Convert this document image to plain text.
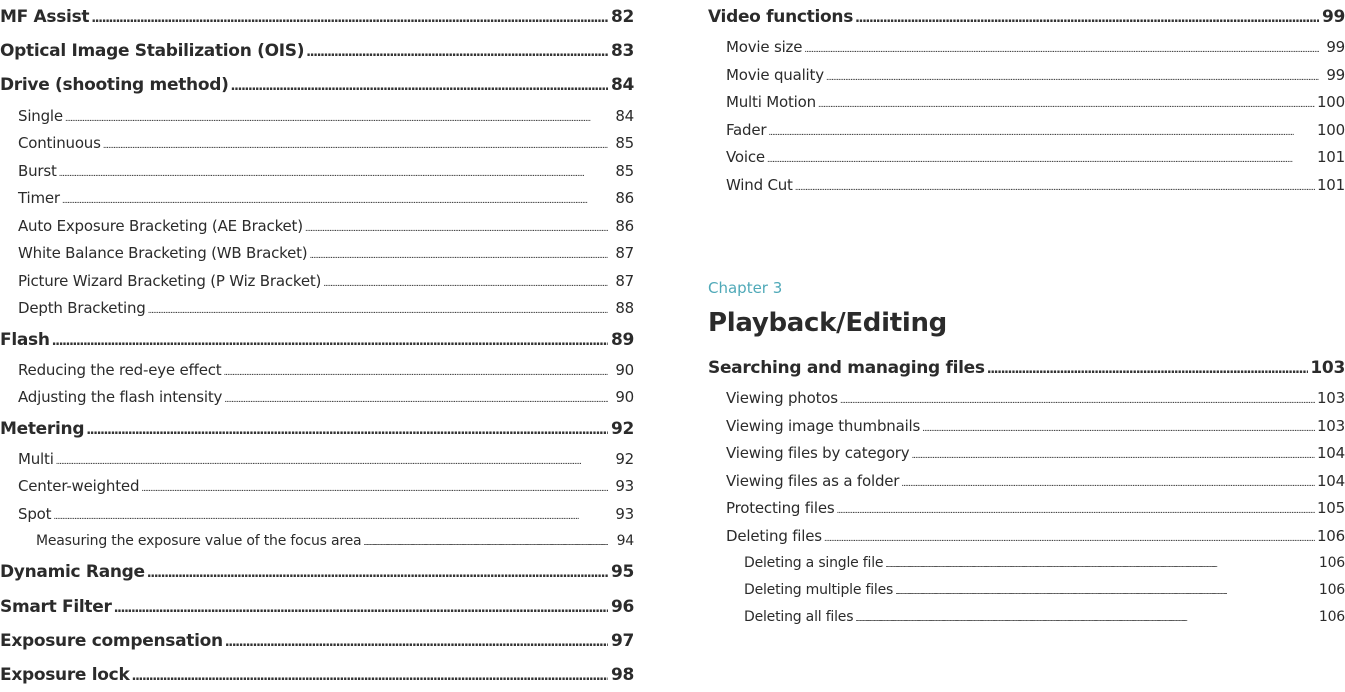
MF Assist . . .	82
Optical Image Stabilization (OIS) . . .	83
Drive (shooting method) . . .	84
Single . . .	84
Continuous . . .	85
Burst . . .	85
Timer . . .	86
Auto Exposure Bracketing (AE Bracket) . . .	86
White Balance Bracketing (WB Bracket) . . .	87
Picture Wizard Bracketing (P Wiz Bracket) . . .	87
Depth Bracketing . . .	88
Flash . . .	89
Reducing the red-eye effect . . .	90
Adjusting the flash intensity . . .	90
Metering . . .	92
Multi . . .	92
Center-weighted . . .	93
Spot . . .	93
Measuring the exposure value of the focus area . . .	94
Dynamic Range . . .	95
Smart Filter . . .	96
Exposure compensation . . .	97
Exposure lock . . .	98
Video functions . . .	99
Movie size . . .	99
Movie quality . . .	99
Multi Motion . . .	100
Fader . . .	100
Voice . . .	101
Wind Cut . . .	101
Chapter 3
Playback/Editing
Searching and managing files . . .	103
Viewing photos . . .	103
Viewing image thumbnails . . .	103
Viewing files by category . . .	104
Viewing files as a folder . . .	104
Protecting files . . .	105
Deleting files . . .	106
Deleting a single file . . .	106
Deleting multiple files . . .	106
Deleting all files . . .	106
